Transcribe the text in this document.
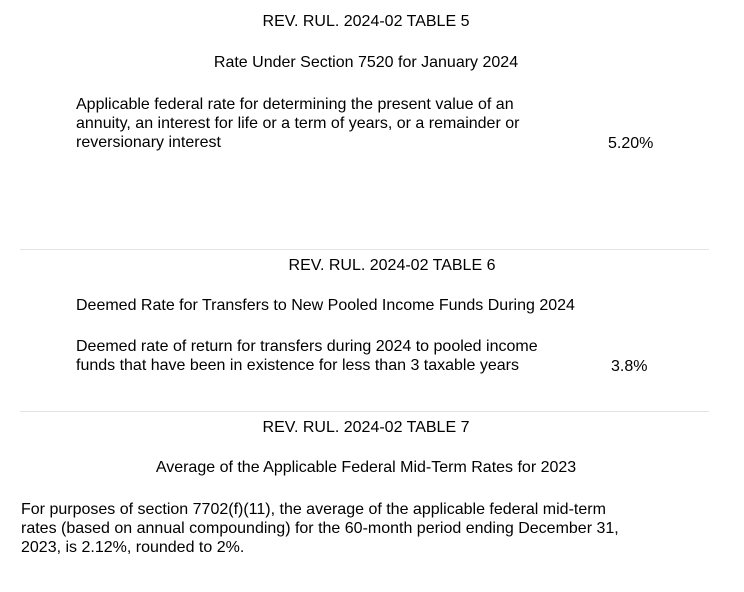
REV. RUL. 2024-02 TABLE 5
Rate Under Section 7520 for January 2024
Applicable federal rate for determining the present value of an
annuity, an interest for life or a term of years, or a remainder or
reversionary interest	5.20%
REV. RUL. 2024-02 TABLE 6
Deemed Rate for Transfers to New Pooled Income Funds During 2024
Deemed rate of return for transfers during 2024 to pooled income
funds that have been in existence for less than 3 taxable years	3.8%
REV. RUL. 2024-02 TABLE 7
Average of the Applicable Federal Mid-Term Rates for 2023
For purposes of section 7702(f)(11), the average of the applicable federal mid-term
rates (based on annual compounding) for the 60-month period ending December 31,
2023, is 2.12%, rounded to 2%.
